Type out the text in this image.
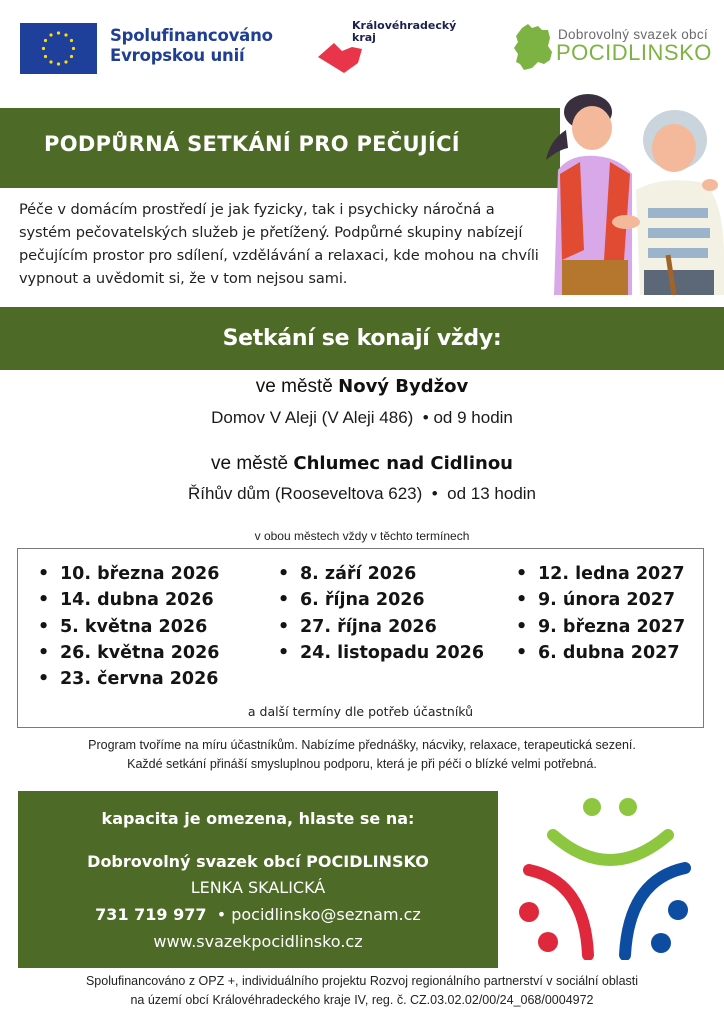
Spolufinancováno
Evropskou unií
Královéhradecký
kraj	Dobrovolný svazek obcí
POCIDLINSKO
PODPŮRNÁ SETKÁNÍ PRO PEČUJÍCÍ
Péče v domácím prostředí je jak fyzicky, tak i psychicky náročná a systém pečovatelských služeb je přetížený. Podpůrné skupiny nabízejí pečujícím prostor pro sdílení, vzdělávání a relaxaci, kde mohou na chvíli vypnout a uvědomit si, že v tom nejsou sami.
Setkání se konají vždy:
ve městě Nový Bydžov
Domov V Aleji (V Aleji 486) • od 9 hodin
ve městě Chlumec nad Cidlinou
Říhův dům (Rooseveltova 623) • od 13 hodin
v obou městech vždy v těchto termínech
• 10. března 2026
• 14. dubna 2026
• 5. května 2026
• 26. května 2026
• 23. června 2026
• 8. září 2026
• 6. října 2026
• 27. října 2026
• 24. listopadu 2026
• 12. ledna 2027
• 9. února 2027
• 9. března 2027
• 6. dubna 2027
a další termíny dle potřeb účastníků
Program tvoříme na míru účastníkům. Nabízíme přednášky, nácviky, relaxace, terapeutická sezení.
Každé setkání přináší smysluplnou podporu, která je při péči o blízké velmi potřebná.
kapacita je omezena, hlaste se na:
Dobrovolný svazek obcí POCIDLINSKO
LENKA SKALICKÁ
731 719 977 • pocidlinsko@seznam.cz
www.svazekpocidlinsko.cz
Spolufinancováno z OPZ +, individuálního projektu Rozvoj regionálního partnerství v sociální oblasti
na území obcí Královéhradeckého kraje IV, reg. č. CZ.03.02.02/00/24_068/0004972
